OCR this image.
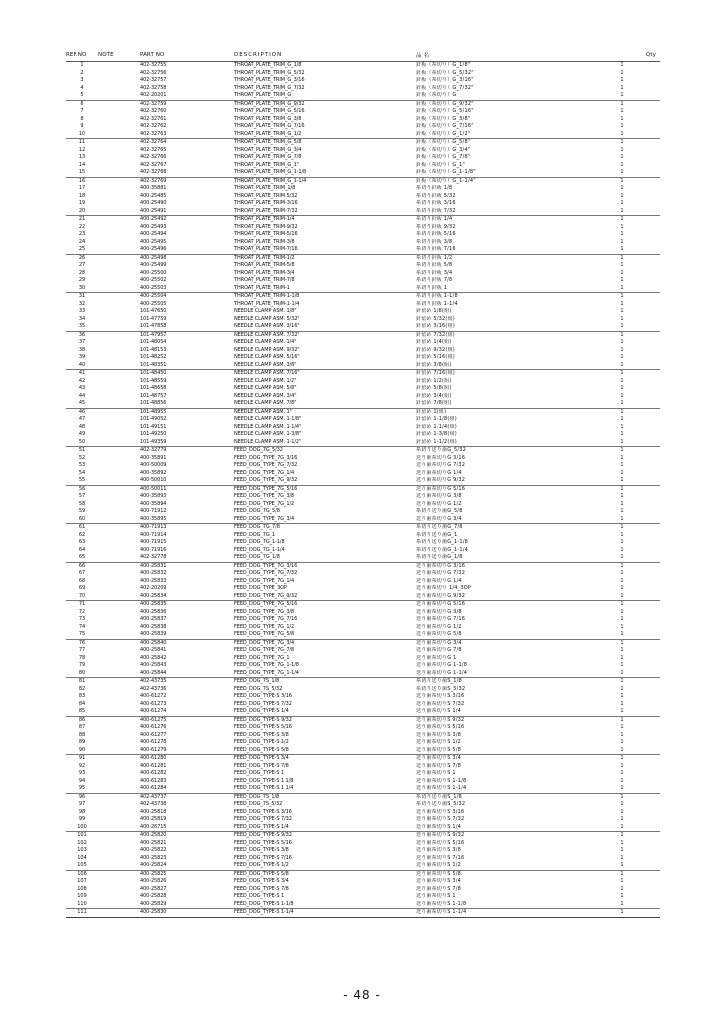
REF.NO	NOTE	PART NO	DESCRIPTION	品 名	Qty
1		402-32755	THROAT_PLATE_TRIM_G_1/8	針板（糸切り）G_1/8"	1
2		402-32756	THROAT_PLATE_TRIM_G_5/32	針板（糸切り）G_5/32"	1
3		402-32757	THROAT_PLATE_TRIM_G_3/16	針板（糸切り）G_3/16"	1
4		402-32758	THROAT_PLATE_TRIM_G_7/32	針板（糸切り）G_7/32"	1
5		402-20201	THROAT_PLATE_TRIM_G	針板（糸切り）G	1
6		402-32759	THROAT_PLATE_TRIM_G_9/32	針板（糸切り）G_9/32"	1
7		402-32760	THROAT_PLATE_TRIM_G_5/16	針板（糸切り）G_5/16"	1
8		402-32761	THROAT_PLATE_TRIM_G_3/8	針板（糸切り）G_3/8"	1
9		402-32762	THROAT_PLATE_TRIM_G_7/16	針板（糸切り）G_7/16"	1
10		402-32763	THROAT_PLATE_TRIM_G_1/2	針板（糸切り）G_1/2"	1
11		402-32764	THROAT_PLATE_TRIM_G_5/8	針板（糸切り）G_5/8"	1
12		402-32765	THROAT_PLATE_TRIM_G_3/4	針板（糸切り）G_3/4"	1
13		402-32766	THROAT_PLATE_TRIM_G_7/8	針板（糸切り）G_7/8"	1
14		402-32767	THROAT_PLATE_TRIM_G_1"	針板（糸切り）G_1"	1
15		402-32768	THROAT_PLATE_TRIM_G_1-1/8	針板（糸切り）G_1-1/8"	1
16		402-32769	THROAT_PLATE_TRIM_G_1-1/4	針板（糸切り）G_1-1/4"	1
17		400-35881	THROAT_PLATE_TRIM_1/8	糸切り針板 1/8	1
18		400-25485	THROAT_PLATE_TRIM 5/32	糸切り針板 5/32	1
19		400-25490	THROAT_PLATE_TRIM-3/16	糸切り針板 3/16	1
20		400-25491	THROAT_PLATE_TRIM-7/32	糸切り針板 7/32	1
21		400-25492	THROAT_PLATE_TRIM-1/4	糸切り針板 1/4	1
22		400-25493	THROAT_PLATE_TRIM-9/32	糸切り針板 9/32	1
23		400-25494	THROAT_PLATE_TRIM-5/16	糸切り針板 5/16	1
24		400-25495	THROAT_PLATE_TRIM-3/8	糸切り針板 3/8	1
25		400-25496	THROAT_PLATE_TRIM-7/16	糸切り針板 7/16	1
26		400-25498	THROAT_PLATE_TRIM-1/2	糸切り針板 1/2	1
27		400-25499	THROAT_PLATE_TRIM-5/8	糸切り針板 5/8	1
28		400-25500	THROAT_PLATE_TRIM-3/4	糸切り針板 3/4	1
29		400-25502	THROAT_PLATE_TRIM-7/8	糸切り針板 7/8	1
30		400-25503	THROAT_PLATE_TRIM-1	糸切り針板 1	1
31		400-25504	THROAT_PLATE_TRIM-1-1/8	糸切り針板 1-1/8	1
32		400-25505	THROAT_PLATE_TRIM-1-1/4	糸切り針板 1-1/4	1
33		101-47650	NEEDLE CLAMP ASM. 1/8"	針留め 1/8(組)	1
34		101-47759	NEEDLE CLAMP ASM. 5/32"	針留め 5/32(組)	1
35		101-47858	NEEDLE CLAMP ASM. 3/16"	針留め 3/16(組)	1
36		101-47957	NEEDLE CLAMP ASM. 7/32"	針留め 7/32(組)	1
37		101-48054	NEEDLE CLAMP ASM. 1/4"	針留め 1/4(組)	1
38		101-48153	NEEDLE CLAMP ASM. 9/32"	針留め 9/32(組)	1
39		101-48252	NEEDLE CLAMP ASM. 5/16"	針留め 5/16(組)	1
40		101-48351	NEEDLE CLAMP ASM. 3/8"	針留め 3/8(組)	1
41		101-48450	NEEDLE CLAMP ASM. 7/16"	針留め 7/16(組)	1
42		101-48559	NEEDLE CLAMP ASM. 1/2"	針留め 1/2(組)	1
43		101-48658	NEEDLE CLAMP ASM. 5/8"	針留め 5/8(組)	1
44		101-48757	NEEDLE CLAMP ASM. 3/4"	針留め 3/4(組)	1
45		101-48856	NEEDLE CLAMP ASM. 7/8"	針留め 7/8(組)	1
46		101-48955	NEEDLE CLAMP ASM. 1"	針留め 1(組)	1
47		101-49052	NEEDLE CLAMP ASM. 1-1/8"	針留め 1-1/8(組)	1
48		101-49151	NEEDLE CLAMP ASM. 1-1/4"	針留め 1-1/4(組)	1
49		101-49250	NEEDLE CLAMP ASM. 1-3/8"	針留め 1-3/8(組)	1
50		101-49359	NEEDLE CLAMP ASM. 1-1/2"	針留め 1-1/2(組)	1
51		402-32779	FEED_DOG_7G_5/32	糸切り送り歯G_5/32	1
52		400-35891	FEED_DOG_TYPE_7G_3/16	送り歯糸切りG 3/16	1
53		400-50009	FEED_DOG_TYPE_7G_7/32	送り歯糸切りG 7/32	1
54		400-35892	FEED_DOG_TYPE_7G_1/4	送り歯糸切りG 1/4	1
55		400-50010	FEED_DOG_TYPE_7G_9/32	送り歯糸切りG 9/32	1
56		400-50011	FEED_DOG_TYPE_7G_5/16	送り歯糸切りG 5/16	1
57		400-35893	FEED_DOG_TYPE_7G_3/8	送り歯糸切りG 3/8	1
58		400-35894	FEED_DOG_TYPE_7G_1/2	送り歯糸切りG 1/2	1
59		400-71912	FEED_DOG_7G_5/8	糸切り送り歯G_5/8	1
60		400-35895	FEED_DOG_TYPE_7G_3/4	送り歯糸切りG 3/4	1
61		400-71913	FEED_DOG_7G_7/8	糸切り送り歯G_7/8	1
62		400-71914	FEED_DOG_7G_1	糸切り送り歯G_1	1
63		400-71915	FEED_DOG_7G_1-1/8	糸切り送り歯G_1-1/8	1
64		400-71916	FEED_DOG_7G_1-1/4	糸切り送り歯G_1-1/4	1
65		402-32778	FEED_DOG_7G_1/8	糸切り送り歯G_1/8	1
66		400-25831	FEED_DOG_TYPE_7G_3/16	送り歯糸切りG 3/16	1
67		400-25832	FEED_DOG_TYPE_7G_7/32	送り歯糸切りG 7/32	1
68		400-25833	FEED_DOG_TYPE_7G_1/4	送り歯糸切りG 1/4	1
69		402-20209	FEED_DOG_TYPE_3OP	送り歯糸切り 1/4_3OP	1
70		400-25834	FEED_DOG_TYPE_7G_9/32	送り歯糸切りG 9/32	1
71		400-25835	FEED_DOG_TYPE_7G_5/16	送り歯糸切りG 5/16	1
72		400-25836	FEED_DOG_TYPE_7G_3/8	送り歯糸切りG 3/8	1
73		400-25837	FEED_DOG_TYPE_7G_7/16	送り歯糸切りG 7/16	1
74		400-25838	FEED_DOG_TYPE_7G_1/2	送り歯糸切りG 1/2	1
75		400-25839	FEED_DOG_TYPE_7G_5/8	送り歯糸切りG 5/8	1
76		400-25840	FEED_DOG_TYPE_7G_3/4	送り歯糸切りG 3/4	1
77		400-25841	FEED_DOG_TYPE_7G_7/8	送り歯糸切りG 7/8	1
78		400-25842	FEED_DOG_TYPE_7G_1	送り歯糸切りG 1	1
79		400-25843	FEED_DOG_TYPE_7G_1-1/8	送り歯糸切りG 1-1/8	1
80		400-25844	FEED_DOG_TYPE_7G_1-1/4	送り歯糸切りG 1-1/4	1
81		402-43735	FEED_DOG_7S_1/8	糸切り送り歯S_1/8	1
82		402-43736	FEED_DOG_7S_5/32	糸切り送り歯S_5/32	1
83		400-61272	FEED_DOG_TYPE-S 3/16	送り歯糸切りS 3/16	1
84		400-61273	FEED_DOG_TYPE-S 7/32	送り歯糸切りS 7/32	1
85		400-61274	FEED_DOG_TYPE-S 1/4	送り歯糸切りS 1/4	1
86		400-61275	FEED_DOG_TYPE-S 9/32	送り歯糸切りS 9/32	1
87		400-61276	FEED_DOG_TYPE-S 5/16	送り歯糸切りS 5/16	1
88		400-61277	FEED_DOG_TYPE-S 3/8	送り歯糸切りS 3/8	1
89		400-61278	FEED_DOG_TYPE-S 1/2	送り歯糸切りS 1/2	1
90		400-61279	FEED_DOG_TYPE-S 5/8	送り歯糸切りS 5/8	1
91		400-61280	FEED_DOG_TYPE-S 3/4	送り歯糸切りS 3/4	1
92		400-61281	FEED_DOG_TYPE-S 7/8	送り歯糸切りS 7/8	1
93		400-61282	FEED_DOG_TYPE-S 1	送り歯糸切りS 1	1
94		400-61283	FEED_DOG_TYPE-S 1 1/8	送り歯糸切りS 1-1/8	1
95		400-61284	FEED_DOG_TYPE-S 1 1/4	送り歯糸切りS 1-1/4	1
96		402-43737	FEED_DOG_7S_1/8	糸切り送り歯S_1/8	1
97		402-43738	FEED_DOG_7S_5/32	糸切り送り歯S_5/32	1
98		400-25818	FEED_DOG_TYPE-S 3/16	送り歯糸切りS 3/16	1
99		400-25819	FEED_DOG_TYPE-S 7/32	送り歯糸切りS 7/32	1
100		400-26715	FEED_DOG_TYPE-S 1/4	送り歯糸切りS 1/4	1
101		400-25820	FEED_DOG_TYPE-S 9/32	送り歯糸切りS 9/32	1
102		400-25821	FEED_DOG_TYPE-S 5/16	送り歯糸切りS 5/16	1
103		400-25822	FEED_DOG_TYPE-S 3/8	送り歯糸切りS 3/8	1
104		400-25823	FEED_DOG_TYPE-S 7/16	送り歯糸切りS 7/16	1
105		400-25824	FEED_DOG_TYPE-S 1/2	送り歯糸切りS 1/2	1
106		400-25825	FEED_DOG_TYPE-S 5/8	送り歯糸切りS 5/8	1
107		400-25826	FEED_DOG_TYPE-S 3/4	送り歯糸切りS 3/4	1
108		400-25827	FEED_DOG_TYPE-S 7/8	送り歯糸切りS 7/8	1
109		400-25828	FEED_DOG_TYPE-S 1	送り歯糸切りS 1	1
110		400-25829	FEED_DOG_TYPE-S 1-1/8	送り歯糸切りS 1-1/8	1
111		400-25830	FEED_DOG_TYPE-S 1-1/4	送り歯糸切りS 1-1/4	1
- 48 -
